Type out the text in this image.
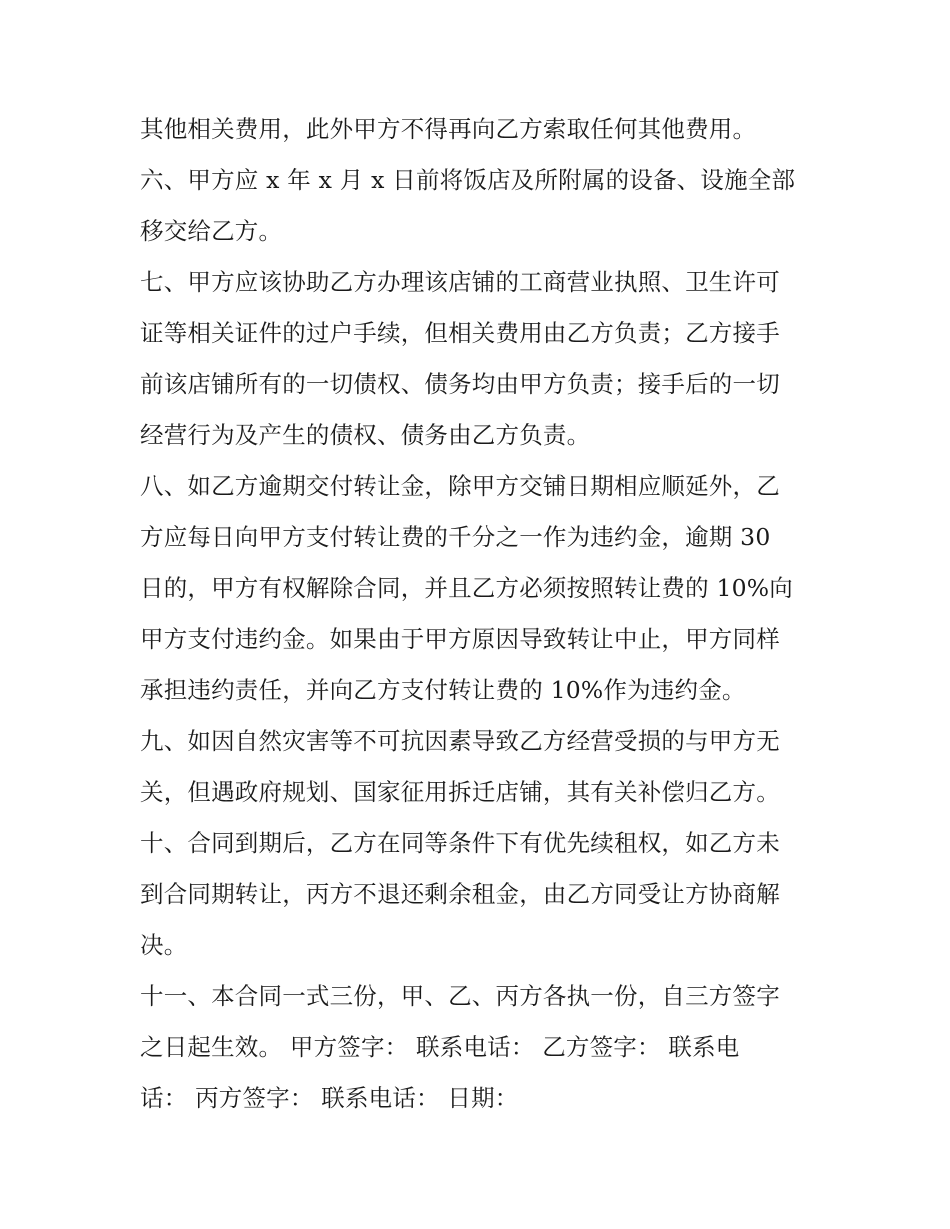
其他相关费用，此外甲方不得再向乙方索取任何其他费用。
六、甲方应 x 年 x 月 x 日前将饭店及所附属的设备、设施全部
移交给乙方。
七、甲方应该协助乙方办理该店铺的工商营业执照、卫生许可
证等相关证件的过户手续，但相关费用由乙方负责；乙方接手
前该店铺所有的一切债权、债务均由甲方负责；接手后的一切
经营行为及产生的债权、债务由乙方负责。
八、如乙方逾期交付转让金，除甲方交铺日期相应顺延外，乙
方应每日向甲方支付转让费的千分之一作为违约金，逾期 30
日的，甲方有权解除合同，并且乙方必须按照转让费的 10%向
甲方支付违约金。如果由于甲方原因导致转让中止，甲方同样
承担违约责任，并向乙方支付转让费的 10%作为违约金。
九、如因自然灾害等不可抗因素导致乙方经营受损的与甲方无
关，但遇政府规划、国家征用拆迁店铺，其有关补偿归乙方。
十、合同到期后，乙方在同等条件下有优先续租权，如乙方未
到合同期转让，丙方不退还剩余租金，由乙方同受让方协商解
决。
十一、本合同一式三份，甲、乙、丙方各执一份，自三方签字
之日起生效。 甲方签字： 联系电话： 乙方签字： 联系电
话： 丙方签字： 联系电话： 日期：
